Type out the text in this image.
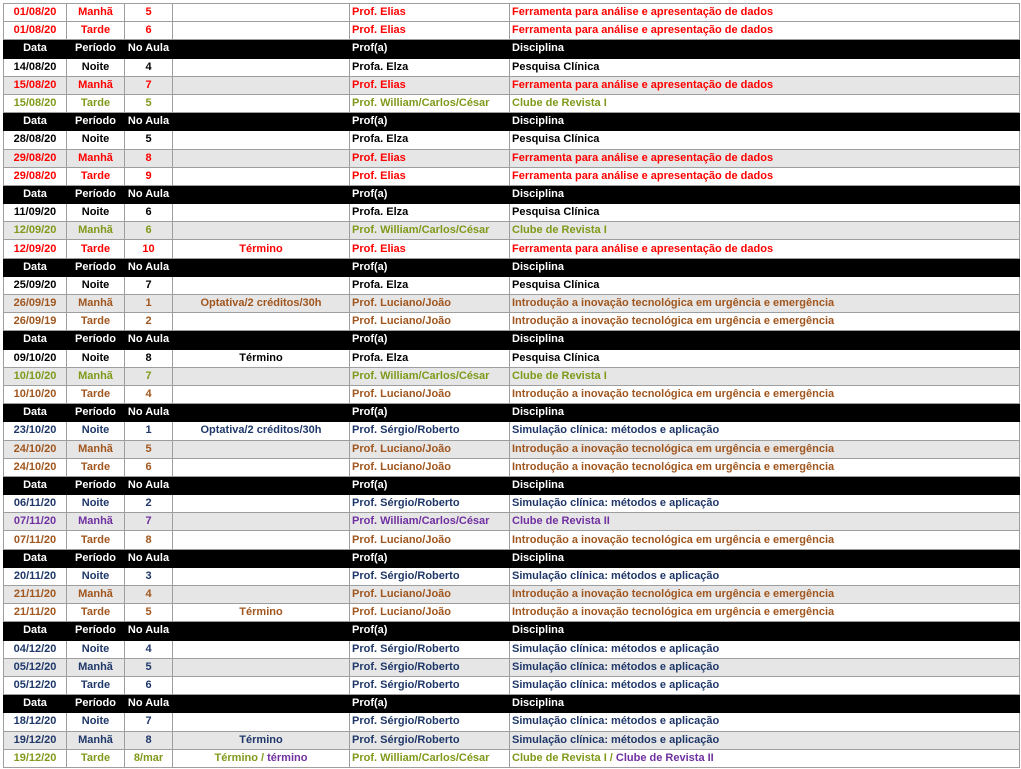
01/08/20	Manhã	5		Prof. Elias	Ferramenta para análise e apresentação de dados
01/08/20	Tarde	6		Prof. Elias	Ferramenta para análise e apresentação de dados
Data	Período	No Aula		Prof(a)	Disciplina
14/08/20	Noite	4		Profa. Elza	Pesquisa Clínica
15/08/20	Manhã	7		Prof. Elias	Ferramenta para análise e apresentação de dados
15/08/20	Tarde	5		Prof. William/Carlos/César	Clube de Revista I
Data	Período	No Aula		Prof(a)	Disciplina
28/08/20	Noite	5		Profa. Elza	Pesquisa Clínica
29/08/20	Manhã	8		Prof. Elias	Ferramenta para análise e apresentação de dados
29/08/20	Tarde	9		Prof. Elias	Ferramenta para análise e apresentação de dados
Data	Período	No Aula		Prof(a)	Disciplina
11/09/20	Noite	6		Profa. Elza	Pesquisa Clínica
12/09/20	Manhã	6		Prof. William/Carlos/César	Clube de Revista I
12/09/20	Tarde	10	Término	Prof. Elias	Ferramenta para análise e apresentação de dados
Data	Período	No Aula		Prof(a)	Disciplina
25/09/20	Noite	7		Profa. Elza	Pesquisa Clínica
26/09/19	Manhã	1	Optativa/2 créditos/30h	Prof. Luciano/João	Introdução a inovação tecnológica em urgência e emergência
26/09/19	Tarde	2		Prof. Luciano/João	Introdução a inovação tecnológica em urgência e emergência
Data	Período	No Aula		Prof(a)	Disciplina
09/10/20	Noite	8	Término	Profa. Elza	Pesquisa Clínica
10/10/20	Manhã	7		Prof. William/Carlos/César	Clube de Revista I
10/10/20	Tarde	4		Prof. Luciano/João	Introdução a inovação tecnológica em urgência e emergência
Data	Período	No Aula		Prof(a)	Disciplina
23/10/20	Noite	1	Optativa/2 créditos/30h	Prof. Sérgio/Roberto	Simulação clínica: métodos e aplicação
24/10/20	Manhã	5		Prof. Luciano/João	Introdução a inovação tecnológica em urgência e emergência
24/10/20	Tarde	6		Prof. Luciano/João	Introdução a inovação tecnológica em urgência e emergência
Data	Período	No Aula		Prof(a)	Disciplina
06/11/20	Noite	2		Prof. Sérgio/Roberto	Simulação clínica: métodos e aplicação
07/11/20	Manhã	7		Prof. William/Carlos/César	Clube de Revista II
07/11/20	Tarde	8		Prof. Luciano/João	Introdução a inovação tecnológica em urgência e emergência
Data	Período	No Aula		Prof(a)	Disciplina
20/11/20	Noite	3		Prof. Sérgio/Roberto	Simulação clínica: métodos e aplicação
21/11/20	Manhã	4		Prof. Luciano/João	Introdução a inovação tecnológica em urgência e emergência
21/11/20	Tarde	5	Término	Prof. Luciano/João	Introdução a inovação tecnológica em urgência e emergência
Data	Período	No Aula		Prof(a)	Disciplina
04/12/20	Noite	4		Prof. Sérgio/Roberto	Simulação clínica: métodos e aplicação
05/12/20	Manhã	5		Prof. Sérgio/Roberto	Simulação clínica: métodos e aplicação
05/12/20	Tarde	6		Prof. Sérgio/Roberto	Simulação clínica: métodos e aplicação
Data	Período	No Aula		Prof(a)	Disciplina
18/12/20	Noite	7		Prof. Sérgio/Roberto	Simulação clínica: métodos e aplicação
19/12/20	Manhã	8	Término	Prof. Sérgio/Roberto	Simulação clínica: métodos e aplicação
19/12/20	Tarde	8/mar	Término / término	Prof. William/Carlos/César	Clube de Revista I / Clube de Revista II
